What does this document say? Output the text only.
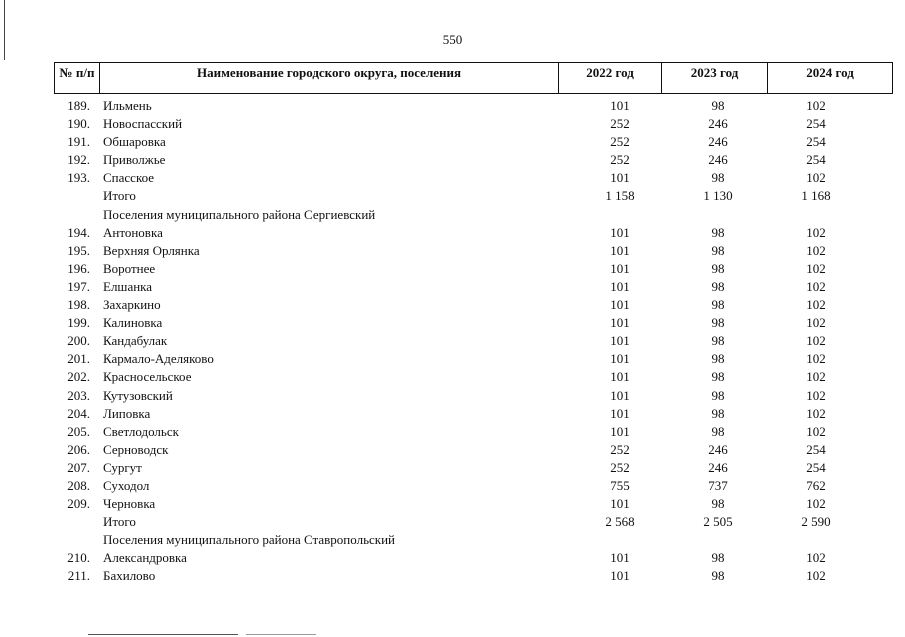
550
№ п/п	Наименование городского округа, поселения	2022 год	2023 год	2024 год
189. Ильмень	101	98	102
190. Новоспасский	252	246	254
191. Обшаровка	252	246	254
192. Приволжье	252	246	254
193. Спасское	101	98	102
Итого	1 158	1 130	1 168
Поселения муниципального района Сергиевский
194. Антоновка	101	98	102
195. Верхняя Орлянка	101	98	102
196. Воротнее	101	98	102
197. Елшанка	101	98	102
198. Захаркино	101	98	102
199. Калиновка	101	98	102
200. Кандабулак	101	98	102
201. Кармало-Аделяково	101	98	102
202. Красносельское	101	98	102
203. Кутузовский	101	98	102
204. Липовка	101	98	102
205. Светлодольск	101	98	102
206. Серноводск	252	246	254
207. Сургут	252	246	254
208. Суходол	755	737	762
209. Черновка	101	98	102
Итого	2 568	2 505	2 590
Поселения муниципального района Ставропольский
210. Александровка	101	98	102
211. Бахилово	101	98	102
